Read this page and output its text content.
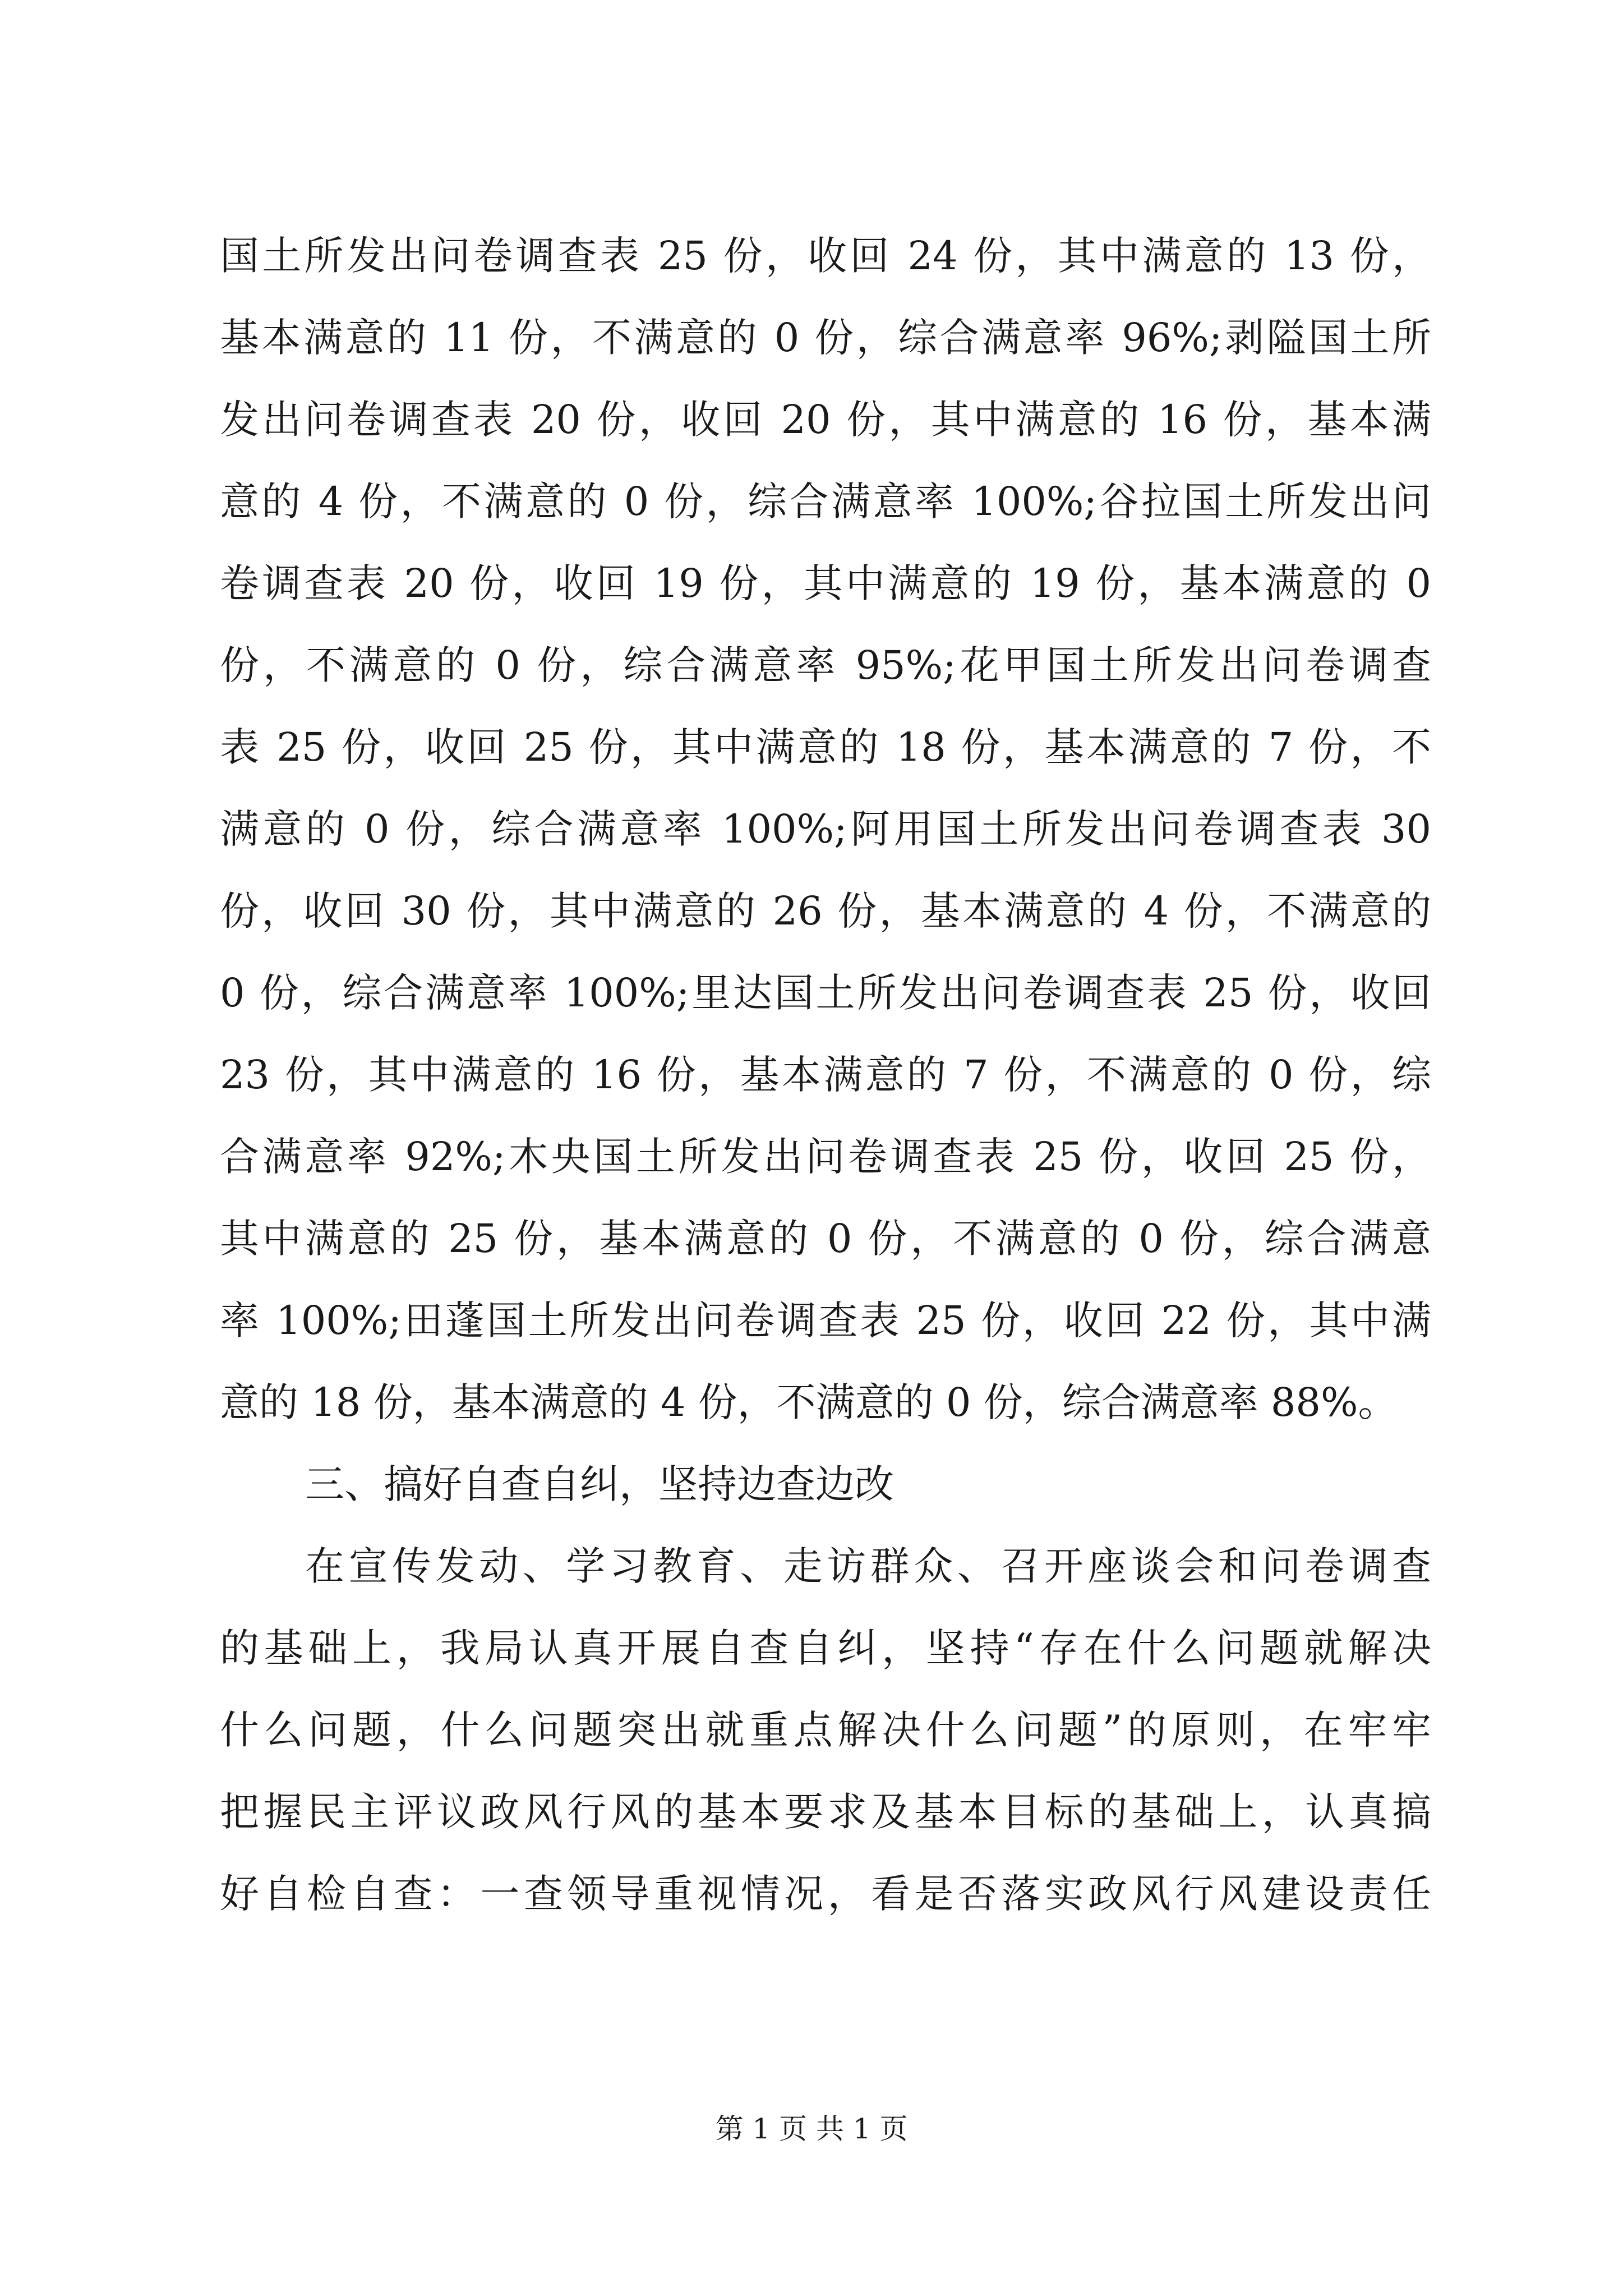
国土所发出问卷调查表 25 份，收回 24 份，其中满意的 13 份，
基本满意的 11 份，不满意的 0 份，综合满意率 96%;剥隘国土所
发出问卷调查表 20 份，收回 20 份，其中满意的 16 份，基本满
意的 4 份，不满意的 0 份，综合满意率 100%;谷拉国土所发出问
卷调查表 20 份，收回 19 份，其中满意的 19 份，基本满意的 0
份，不满意的 0 份，综合满意率 95%;花甲国土所发出问卷调查
表 25 份，收回 25 份，其中满意的 18 份，基本满意的 7 份，不
满意的 0 份，综合满意率 100%;阿用国土所发出问卷调查表 30
份，收回 30 份，其中满意的 26 份，基本满意的 4 份，不满意的
0 份，综合满意率 100%;里达国土所发出问卷调查表 25 份，收回
23 份，其中满意的 16 份，基本满意的 7 份，不满意的 0 份，综
合满意率 92%;木央国土所发出问卷调查表 25 份，收回 25 份，
其中满意的 25 份，基本满意的 0 份，不满意的 0 份，综合满意
率 100%;田蓬国土所发出问卷调查表 25 份，收回 22 份，其中满
意的 18 份，基本满意的 4 份，不满意的 0 份，综合满意率 88%。
三、搞好自查自纠，坚持边查边改
在宣传发动、学习教育、走访群众、召开座谈会和问卷调查
的基础上，我局认真开展自查自纠，坚持“存在什么问题就解决
什么问题，什么问题突出就重点解决什么问题”的原则，在牢牢
把握民主评议政风行风的基本要求及基本目标的基础上，认真搞
好自检自查：一查领导重视情况，看是否落实政风行风建设责任
第 1 页 共 1 页
